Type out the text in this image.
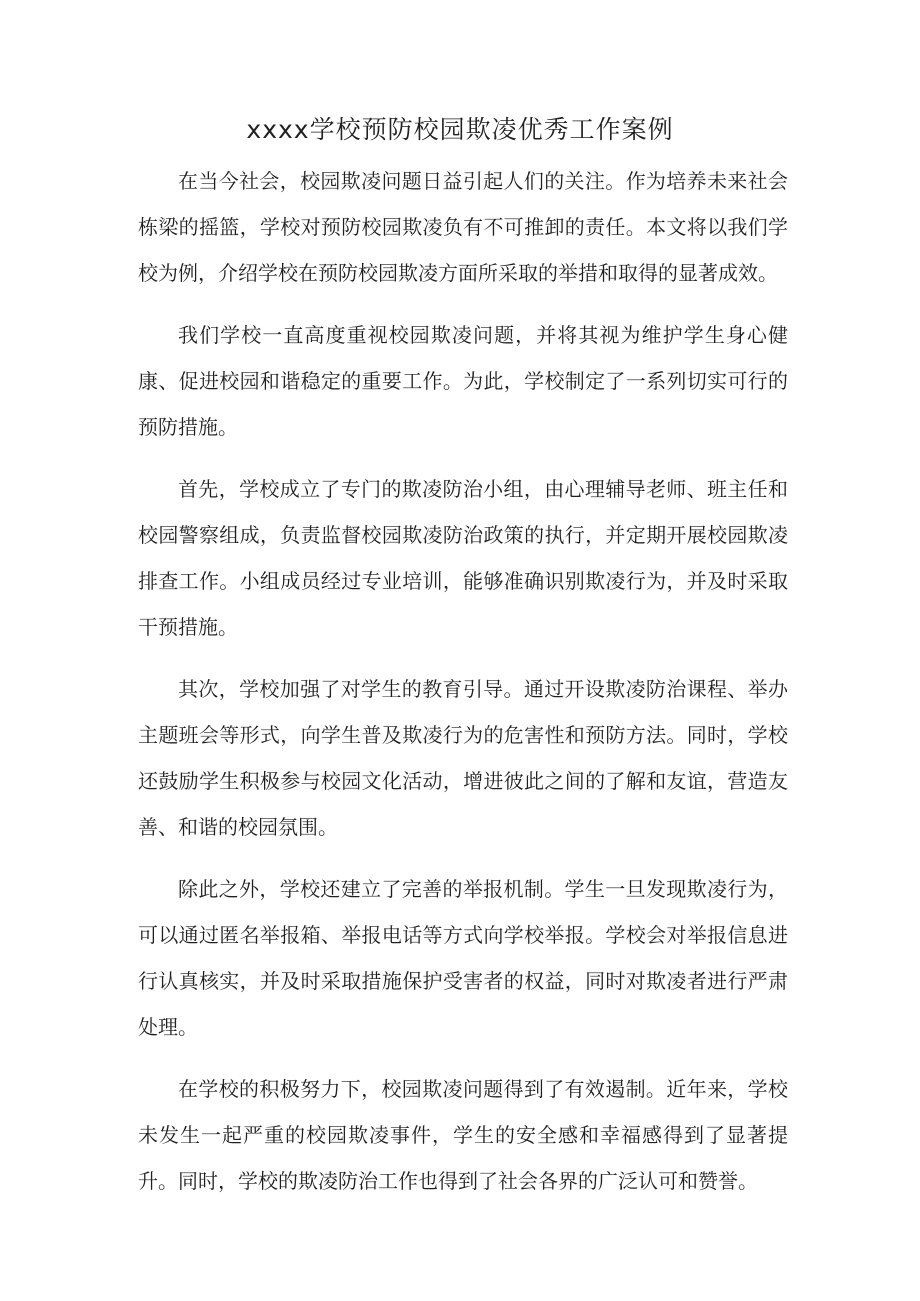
xxxx学校预防校园欺凌优秀工作案例

在当今社会，校园欺凌问题日益引起人们的关注。作为培养未来社会栋梁的摇篮，学校对预防校园欺凌负有不可推卸的责任。本文将以我们学校为例，介绍学校在预防校园欺凌方面所采取的举措和取得的显著成效。

我们学校一直高度重视校园欺凌问题，并将其视为维护学生身心健康、促进校园和谐稳定的重要工作。为此，学校制定了一系列切实可行的预防措施。

首先，学校成立了专门的欺凌防治小组，由心理辅导老师、班主任和校园警察组成，负责监督校园欺凌防治政策的执行，并定期开展校园欺凌排查工作。小组成员经过专业培训，能够准确识别欺凌行为，并及时采取干预措施。

其次，学校加强了对学生的教育引导。通过开设欺凌防治课程、举办主题班会等形式，向学生普及欺凌行为的危害性和预防方法。同时，学校还鼓励学生积极参与校园文化活动，增进彼此之间的了解和友谊，营造友善、和谐的校园氛围。

除此之外，学校还建立了完善的举报机制。学生一旦发现欺凌行为，可以通过匿名举报箱、举报电话等方式向学校举报。学校会对举报信息进行认真核实，并及时采取措施保护受害者的权益，同时对欺凌者进行严肃处理。

在学校的积极努力下，校园欺凌问题得到了有效遏制。近年来，学校未发生一起严重的校园欺凌事件，学生的安全感和幸福感得到了显著提升。同时，学校的欺凌防治工作也得到了社会各界的广泛认可和赞誉。
